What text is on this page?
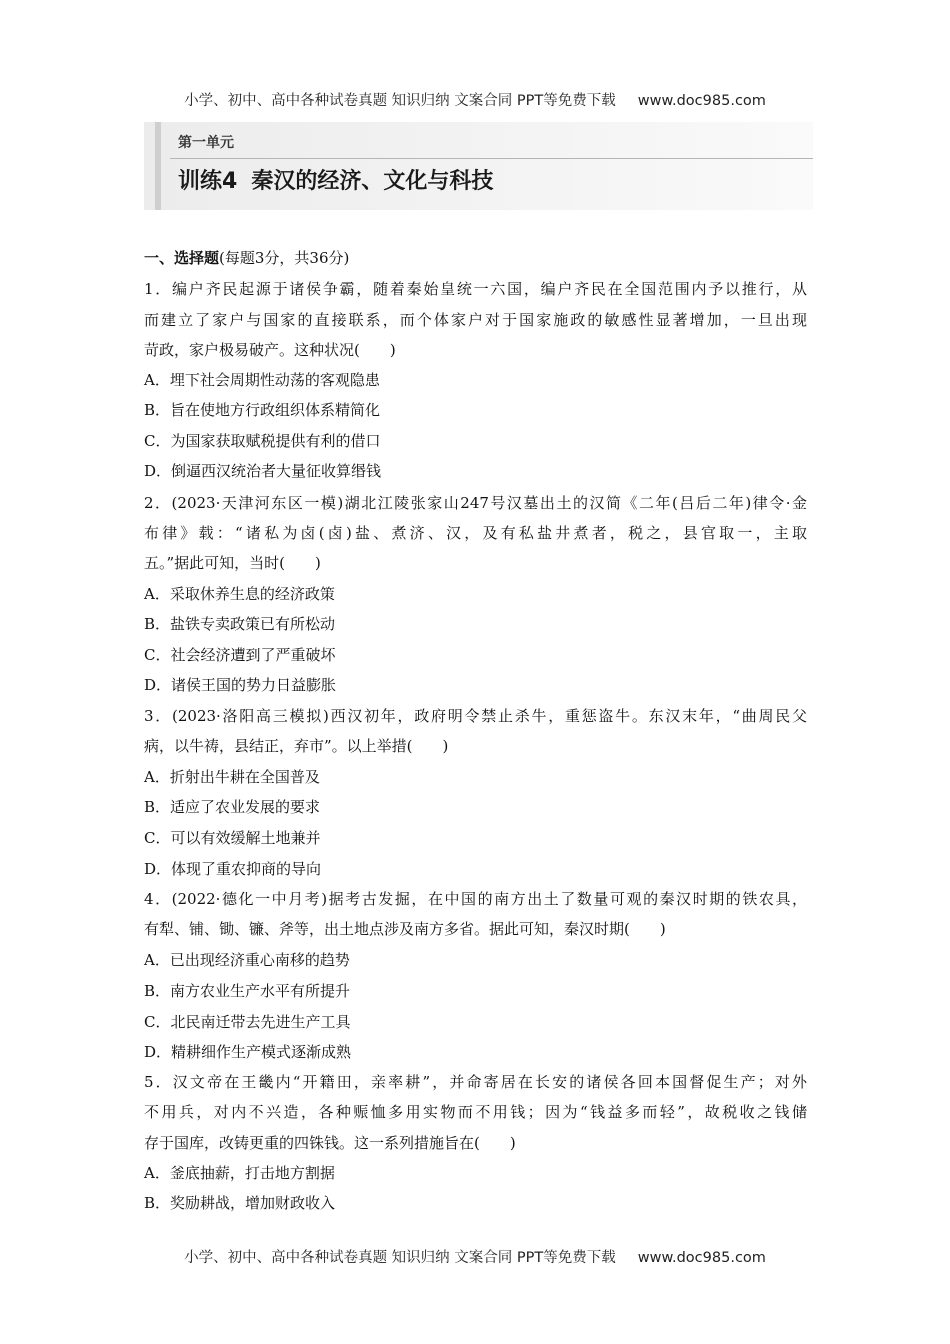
小学、初中、高中各种试卷真题 知识归纳 文案合同 PPT等免费下载 www.doc985.com
第一单元
训练4 秦汉的经济、文化与科技
一、选择题(每题3分，共36分)
1．编户齐民起源于诸侯争霸，随着秦始皇统一六国，编户齐民在全国范围内予以推行，从
而建立了家户与国家的直接联系，而个体家户对于国家施政的敏感性显著增加，一旦出现
苛政，家户极易破产。这种状况(　　)
A．埋下社会周期性动荡的客观隐患
B．旨在使地方行政组织体系精简化
C．为国家获取赋税提供有利的借口
D．倒逼西汉统治者大量征收算缗钱
2．(2023·天津河东区一模)湖北江陵张家山247号汉墓出土的汉简《二年(吕后二年)律令·金
布律》载：“诸私为卤(卤)盐、煮济、汉，及有私盐井煮者，税之，县官取一，主取
五。”据此可知，当时(　　)
A．采取休养生息的经济政策
B．盐铁专卖政策已有所松动
C．社会经济遭到了严重破坏
D．诸侯王国的势力日益膨胀
3．(2023·洛阳高三模拟)西汉初年，政府明令禁止杀牛，重惩盗牛。东汉末年，“曲周民父
病，以牛祷，县结正，弃市”。以上举措(　　)
A．折射出牛耕在全国普及
B．适应了农业发展的要求
C．可以有效缓解土地兼并
D．体现了重农抑商的导向
4．(2022·德化一中月考)据考古发掘，在中国的南方出土了数量可观的秦汉时期的铁农具，
有犁、铺、锄、镰、斧等，出土地点涉及南方多省。据此可知，秦汉时期(　　)
A．已出现经济重心南移的趋势
B．南方农业生产水平有所提升
C．北民南迁带去先进生产工具
D．精耕细作生产模式逐渐成熟
5．汉文帝在王畿内“开籍田，亲率耕”，并命寄居在长安的诸侯各回本国督促生产；对外
不用兵，对内不兴造，各种赈恤多用实物而不用钱；因为“钱益多而轻”，故税收之钱储
存于国库，改铸更重的四铢钱。这一系列措施旨在(　　)
A．釜底抽薪，打击地方割据
B．奖励耕战，增加财政收入
小学、初中、高中各种试卷真题 知识归纳 文案合同 PPT等免费下载 www.doc985.com
